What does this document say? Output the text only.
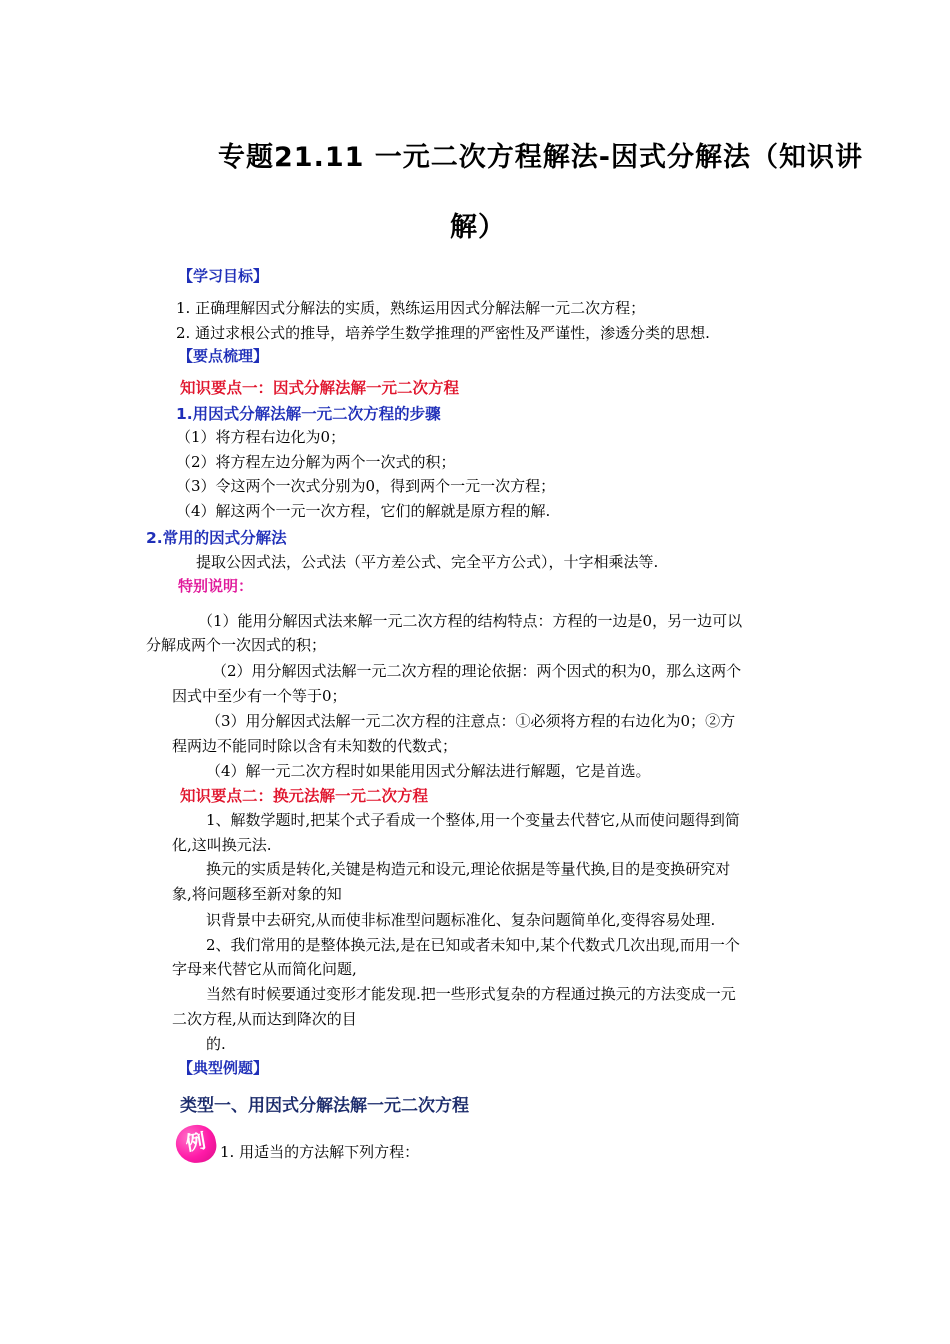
专题21.11 一元二次方程解法-因式分解法（知识讲
解）
【学习目标】
1. 正确理解因式分解法的实质，熟练运用因式分解法解一元二次方程；
2. 通过求根公式的推导，培养学生数学推理的严密性及严谨性，渗透分类的思想.
【要点梳理】
知识要点一：因式分解法解一元二次方程
1.用因式分解法解一元二次方程的步骤
（1）将方程右边化为0；
（2）将方程左边分解为两个一次式的积；
（3）令这两个一次式分别为0，得到两个一元一次方程；
（4）解这两个一元一次方程，它们的解就是原方程的解.
2.常用的因式分解法
提取公因式法，公式法（平方差公式、完全平方公式），十字相乘法等.
特别说明：
（1）能用分解因式法来解一元二次方程的结构特点：方程的一边是0，另一边可以
分解成两个一次因式的积；
（2）用分解因式法解一元二次方程的理论依据：两个因式的积为0，那么这两个
因式中至少有一个等于0；
（3）用分解因式法解一元二次方程的注意点：①必须将方程的右边化为0；②方
程两边不能同时除以含有未知数的代数式；
（4）解一元二次方程时如果能用因式分解法进行解题，它是首选。
知识要点二：换元法解一元二次方程
1、解数学题时,把某个式子看成一个整体,用一个变量去代替它,从而使问题得到简
化,这叫换元法.
换元的实质是转化,关键是构造元和设元,理论依据是等量代换,目的是变换研究对
象,将问题移至新对象的知
识背景中去研究,从而使非标准型问题标准化、复杂问题简单化,变得容易处理.
2、我们常用的是整体换元法,是在已知或者未知中,某个代数式几次出现,而用一个
字母来代替它从而简化问题,
当然有时候要通过变形才能发现.把一些形式复杂的方程通过换元的方法变成一元
二次方程,从而达到降次的目
的.
【典型例题】
类型一、用因式分解法解一元二次方程
例 1. 用适当的方法解下列方程：
